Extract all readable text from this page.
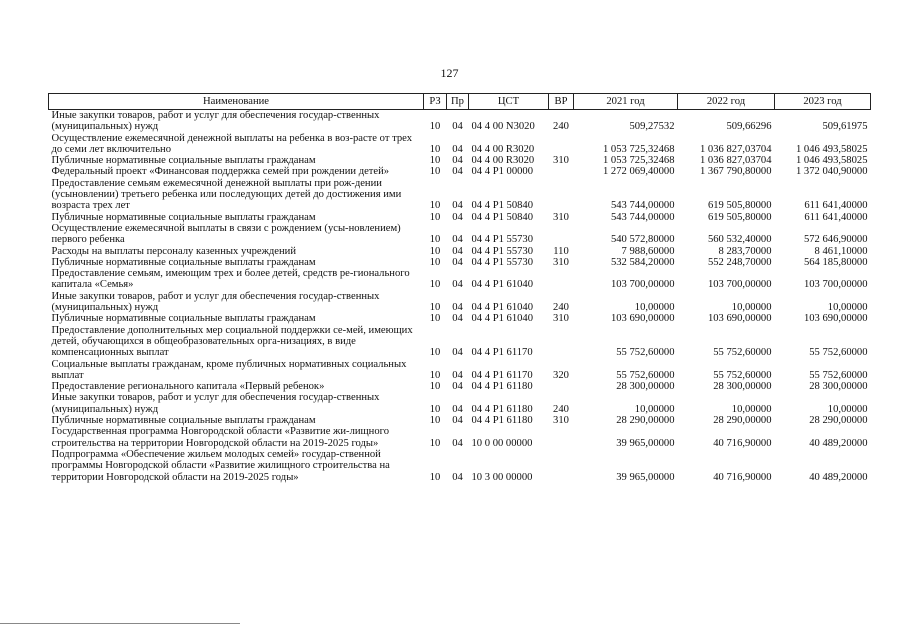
127
Наименование	РЗ	Пр	ЦСТ	ВР	2021 год	2022 год	2023 год
Иные закупки товаров, работ и услуг для обеспечения государ-ственных (муниципальных) нужд	10	04	04 4 00 N3020	240	509,27532	509,66296	509,61975
Осуществление ежемесячной денежной выплаты на ребенка в воз-расте от трех до семи лет включительно	10	04	04 4 00 R3020		1 053 725,32468	1 036 827,03704	1 046 493,58025
Публичные нормативные социальные выплаты гражданам	10	04	04 4 00 R3020	310	1 053 725,32468	1 036 827,03704	1 046 493,58025
Федеральный проект «Финансовая поддержка семей при рождении детей»	10	04	04 4 P1 00000		1 272 069,40000	1 367 790,80000	1 372 040,90000
Предоставление семьям ежемесячной денежной выплаты при рож-дении (усыновлении) третьего ребенка или последующих детей до достижения ими возраста трех лет	10	04	04 4 P1 50840		543 744,00000	619 505,80000	611 641,40000
Публичные нормативные социальные выплаты гражданам	10	04	04 4 P1 50840	310	543 744,00000	619 505,80000	611 641,40000
Осуществление ежемесячной выплаты в связи с рождением (усы-новлением) первого ребенка	10	04	04 4 P1 55730		540 572,80000	560 532,40000	572 646,90000
Расходы на выплаты персоналу казенных учреждений	10	04	04 4 P1 55730	110	7 988,60000	8 283,70000	8 461,10000
Публичные нормативные социальные выплаты гражданам	10	04	04 4 P1 55730	310	532 584,20000	552 248,70000	564 185,80000
Предоставление семьям, имеющим трех и более детей, средств ре-гионального капитала «Семья»	10	04	04 4 P1 61040		103 700,00000	103 700,00000	103 700,00000
Иные закупки товаров, работ и услуг для обеспечения государ-ственных (муниципальных) нужд	10	04	04 4 P1 61040	240	10,00000	10,00000	10,00000
Публичные нормативные социальные выплаты гражданам	10	04	04 4 P1 61040	310	103 690,00000	103 690,00000	103 690,00000
Предоставление дополнительных мер социальной поддержки се-мей, имеющих детей, обучающихся в общеобразовательных орга-низациях, в виде компенсационных выплат	10	04	04 4 P1 61170		55 752,60000	55 752,60000	55 752,60000
Социальные выплаты гражданам, кроме публичных нормативных социальных выплат	10	04	04 4 P1 61170	320	55 752,60000	55 752,60000	55 752,60000
Предоставление регионального капитала «Первый ребенок»	10	04	04 4 P1 61180		28 300,00000	28 300,00000	28 300,00000
Иные закупки товаров, работ и услуг для обеспечения государ-ственных (муниципальных) нужд	10	04	04 4 P1 61180	240	10,00000	10,00000	10,00000
Публичные нормативные социальные выплаты гражданам	10	04	04 4 P1 61180	310	28 290,00000	28 290,00000	28 290,00000
Государственная программа Новгородской области «Развитие жи-лищного строительства на территории Новгородской области на 2019-2025 годы»	10	04	10 0 00 00000		39 965,00000	40 716,90000	40 489,20000
Подпрограмма «Обеспечение жильем молодых семей» государ-ственной программы Новгородской области «Развитие жилищного строительства на территории Новгородской области на 2019-2025 годы»	10	04	10 3 00 00000		39 965,00000	40 716,90000	40 489,20000
